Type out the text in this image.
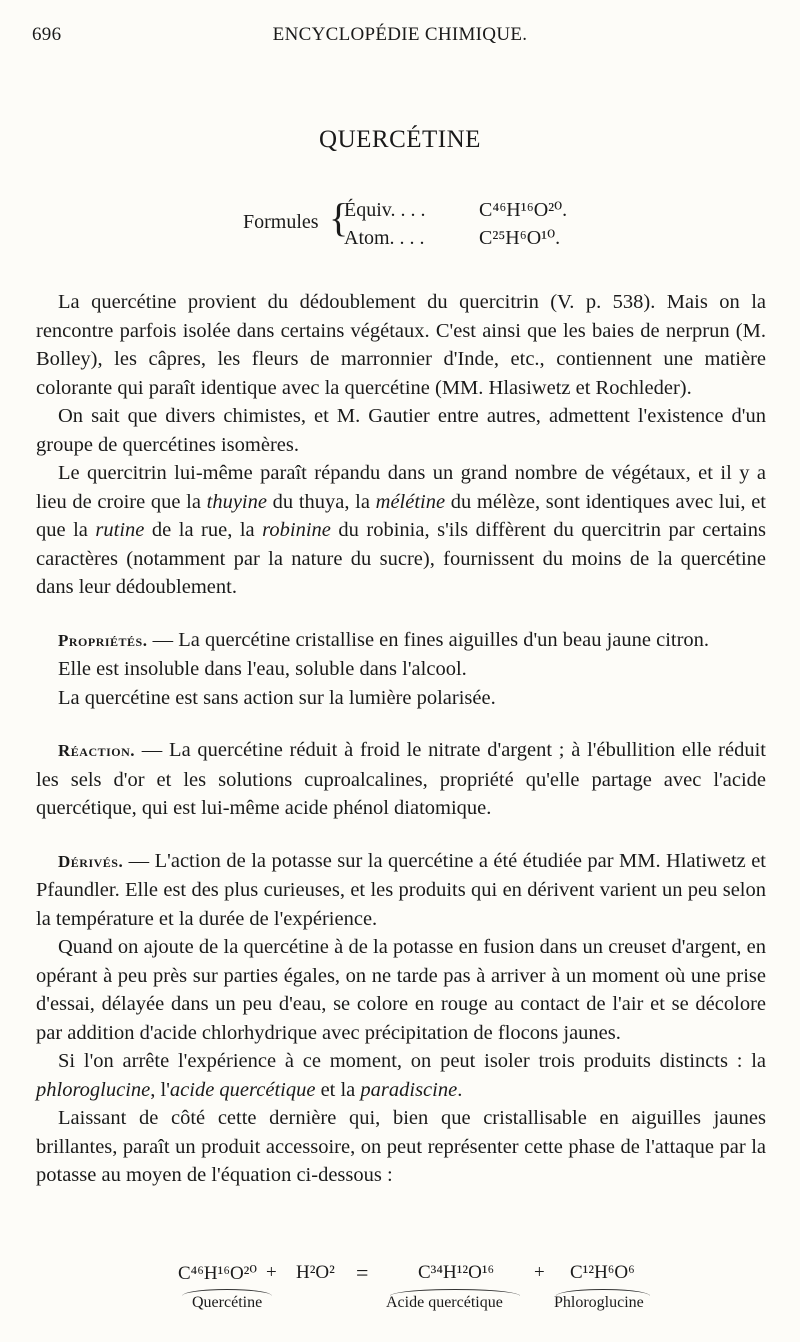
696	ENCYCLOPÉDIE CHIMIQUE.
QUERCÉTINE
Formules {
Équiv. . . .	C⁴⁶H¹⁶O²⁰.
Atom. . . .	C²⁵H⁶O¹⁰.

La quercétine provient du dédoublement du quercitrin (V. p. 538). Mais on la rencontre parfois isolée dans certains végétaux. C'est ainsi que les baies de nerprun (M. Bolley), les câpres, les fleurs de marronnier d'Inde, etc., contiennent une matière colorante qui paraît identique avec la quercétine (MM. Hlasiwetz et Rochleder).

On sait que divers chimistes, et M. Gautier entre autres, admettent l'existence d'un groupe de quercétines isomères.

Le quercitrin lui-même paraît répandu dans un grand nombre de végétaux, et il y a lieu de croire que la thuyine du thuya, la mélétine du mélèze, sont identiques avec lui, et que la rutine de la rue, la robinine du robinia, s'ils diffèrent du quercitrin par certains caractères (notamment par la nature du sucre), fournissent du moins de la quercétine dans leur dédoublement.

Propriétés. — La quercétine cristallise en fines aiguilles d'un beau jaune citron.

Elle est insoluble dans l'eau, soluble dans l'alcool.

La quercétine est sans action sur la lumière polarisée.

Réaction. — La quercétine réduit à froid le nitrate d'argent ; à l'ébullition elle réduit les sels d'or et les solutions cuproalcalines, propriété qu'elle partage avec l'acide quercétique, qui est lui-même acide phénol diatomique.

Dérivés. — L'action de la potasse sur la quercétine a été étudiée par MM. Hlatiwetz et Pfaundler. Elle est des plus curieuses, et les produits qui en dérivent varient un peu selon la température et la durée de l'expérience.

Quand on ajoute de la quercétine à de la potasse en fusion dans un creuset d'argent, en opérant à peu près sur parties égales, on ne tarde pas à arriver à un moment où une prise d'essai, délayée dans un peu d'eau, se colore en rouge au contact de l'air et se décolore par addition d'acide chlorhydrique avec précipitation de flocons jaunes.

Si l'on arrête l'expérience à ce moment, on peut isoler trois produits distincts : la phloroglucine, l'acide quercétique et la paradiscine.

Laissant de côté cette dernière qui, bien que cristallisable en aiguilles jaunes brillantes, paraît un produit accessoire, on peut représenter cette phase de l'attaque par la potasse au moyen de l'équation ci-dessous :

C⁴⁶H¹⁶O²⁰ + H²O² =	C³⁴H¹²O¹⁶ + C¹²H⁶O⁶
Quercétine	Acide quercétique	Phloroglucine
